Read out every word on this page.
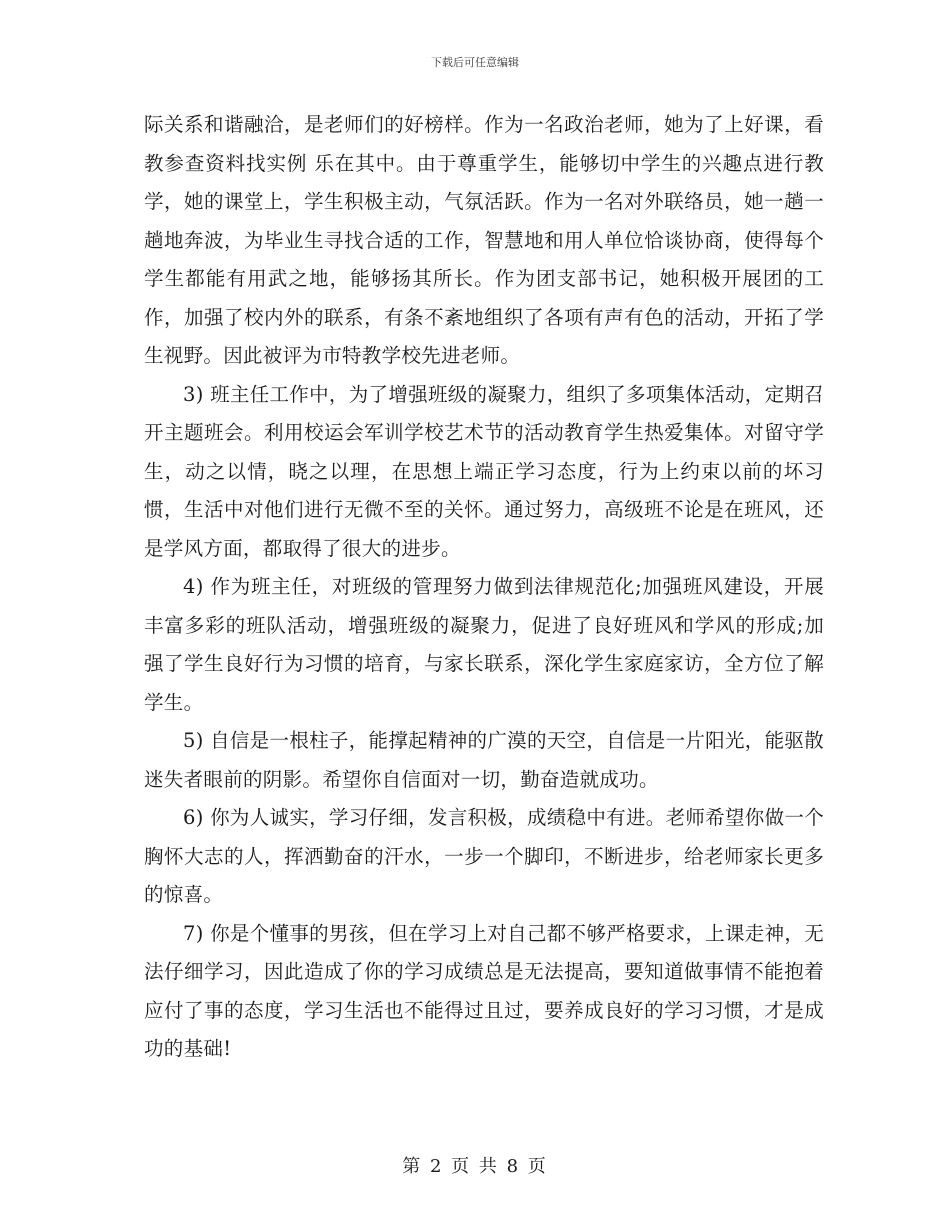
下载后可任意编辑

际关系和谐融洽，是老师们的好榜样。作为一名政治老师，她为了上好课，看教参查资料找实例 乐在其中。由于尊重学生，能够切中学生的兴趣点进行教学，她的课堂上，学生积极主动，气氛活跃。作为一名对外联络员，她一趟一趟地奔波，为毕业生寻找合适的工作，智慧地和用人单位恰谈协商，使得每个学生都能有用武之地，能够扬其所长。作为团支部书记，她积极开展团的工作，加强了校内外的联系，有条不紊地组织了各项有声有色的活动，开拓了学生视野。因此被评为市特教学校先进老师。

3) 班主任工作中，为了增强班级的凝聚力，组织了多项集体活动，定期召开主题班会。利用校运会军训学校艺术节的活动教育学生热爱集体。对留守学生，动之以情，晓之以理，在思想上端正学习态度，行为上约束以前的坏习惯，生活中对他们进行无微不至的关怀。通过努力，高级班不论是在班风，还是学风方面，都取得了很大的进步。

4) 作为班主任，对班级的管理努力做到法律规范化;加强班风建设，开展丰富多彩的班队活动，增强班级的凝聚力，促进了良好班风和学风的形成;加强了学生良好行为习惯的培育，与家长联系，深化学生家庭家访，全方位了解学生。

5) 自信是一根柱子，能撑起精神的广漠的天空，自信是一片阳光，能驱散迷失者眼前的阴影。希望你自信面对一切，勤奋造就成功。

6) 你为人诚实，学习仔细，发言积极，成绩稳中有进。老师希望你做一个胸怀大志的人，挥洒勤奋的汗水，一步一个脚印，不断进步，给老师家长更多的惊喜。

7) 你是个懂事的男孩，但在学习上对自己都不够严格要求，上课走神，无法仔细学习，因此造成了你的学习成绩总是无法提高，要知道做事情不能抱着应付了事的态度，学习生活也不能得过且过，要养成良好的学习习惯，才是成功的基础!

第 2 页 共 8 页
